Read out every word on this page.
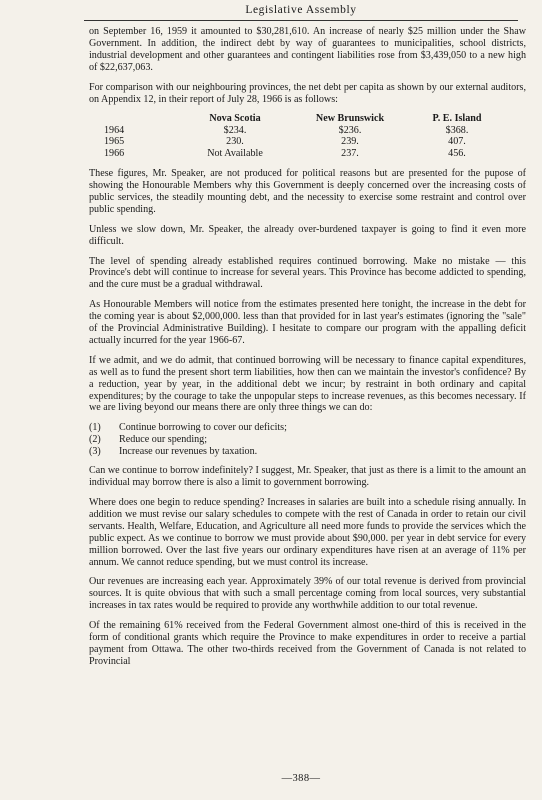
Legislative Assembly

on September 16, 1959 it amounted to $30,281,610. An increase of nearly $25 million under the Shaw Government. In addition, the indirect debt by way of guarantees to municipalities, school districts, industrial development and other guarantees and contingent liabilities rose from $3,439,050 to a new high of $22,637,063.

For comparison with our neighbouring provinces, the net debt per capita as shown by our external auditors, on Appendix 12, in their report of July 28, 1966 is as follows:

	Nova Scotia	New Brunswick	P. E. Island
1964	$234.	$236.	$368.
1965	230.	239.	407.
1966	Not Available	237.	456.

These figures, Mr. Speaker, are not produced for political reasons but are presented for the pupose of showing the Honourable Members why this Government is deeply concerned over the increasing costs of public services, the steadily mounting debt, and the necessity to exercise some restraint and control over public spending.

Unless we slow down, Mr. Speaker, the already over-burdened taxpayer is going to find it even more difficult.

The level of spending already established requires continued borrowing. Make no mistake — this Province's debt will continue to increase for several years. This Province has become addicted to spending, and the cure must be a gradual withdrawal.

As Honourable Members will notice from the estimates presented here tonight, the increase in the debt for the coming year is about $2,000,000. less than that provided for in last year's estimates (ignoring the "sale" of the Provincial Administrative Building). I hesitate to compare our program with the appalling deficit actually incurred for the year 1966-67.

If we admit, and we do admit, that continued borrowing will be necessary to finance capital expenditures, as well as to fund the present short term liabilities, how then can we maintain the investor's confidence? By a reduction, year by year, in the additional debt we incur; by restraint in both ordinary and capital expenditures; by the courage to take the unpopular steps to increase revenues, as this becomes necessary. If we are living beyond our means there are only three things we can do:

(1)	Continue borrowing to cover our deficits;
(2)	Reduce our spending;
(3)	Increase our revenues by taxation.

Can we continue to borrow indefinitely? I suggest, Mr. Speaker, that just as there is a limit to the amount an individual may borrow there is also a limit to government borrowing.

Where does one begin to reduce spending? Increases in salaries are built into a schedule rising annually. In addition we must revise our salary schedules to compete with the rest of Canada in order to retain our civil servants. Health, Welfare, Education, and Agriculture all need more funds to provide the services which the public expect. As we continue to borrow we must provide about $90,000. per year in debt service for every million borrowed. Over the last five years our ordinary expenditures have risen at an average of 11% per annum. We cannot reduce spending, but we must control its increase.

Our revenues are increasing each year. Approximately 39% of our total revenue is derived from provincial sources. It is quite obvious that with such a small percentage coming from local sources, very substantial increases in tax rates would be required to provide any worthwhile addition to our total revenue.

Of the remaining 61% received from the Federal Government almost one-third of this is received in the form of conditional grants which require the Province to make expenditures in order to receive a partial payment from Ottawa. The other two-thirds received from the Government of Canada is not related to Provincial

—388—
